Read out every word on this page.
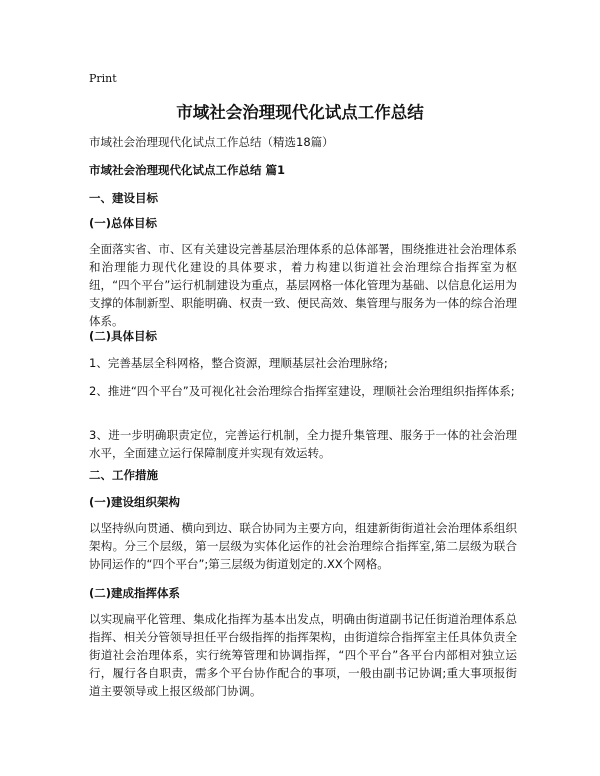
Print
市域社会治理现代化试点工作总结
市域社会治理现代化试点工作总结（精选18篇）
市域社会治理现代化试点工作总结 篇1
一、建设目标
(一)总体目标
全面落实省、市、区有关建设完善基层治理体系的总体部署，围绕推进社会治理体系和治理能力现代化建设的具体要求，着力构建以街道社会治理综合指挥室为枢纽，“四个平台”运行机制建设为重点，基层网格一体化管理为基础、以信息化运用为支撑的体制新型、职能明确、权责一致、便民高效、集管理与服务为一体的综合治理体系。
(二)具体目标
1、完善基层全科网格，整合资源，理顺基层社会治理脉络;
2、推进“四个平台”及可视化社会治理综合指挥室建设，理顺社会治理组织指挥体系;
3、进一步明确职责定位，完善运行机制，全力提升集管理、服务于一体的社会治理水平，全面建立运行保障制度并实现有效运转。
二、工作措施
(一)建设组织架构
以坚持纵向贯通、横向到边、联合协同为主要方向，组建新街街道社会治理体系组织架构。分三个层级，第一层级为实体化运作的社会治理综合指挥室,第二层级为联合协同运作的“四个平台”;第三层级为街道划定的.XX个网格。
(二)建成指挥体系
以实现扁平化管理、集成化指挥为基本出发点，明确由街道副书记任街道治理体系总指挥、相关分管领导担任平台级指挥的指挥架构，由街道综合指挥室主任具体负责全街道社会治理体系，实行统筹管理和协调指挥，“四个平台”各平台内部相对独立运行，履行各自职责，需多个平台协作配合的事项，一般由副书记协调;重大事项报街道主要领导或上报区级部门协调。
